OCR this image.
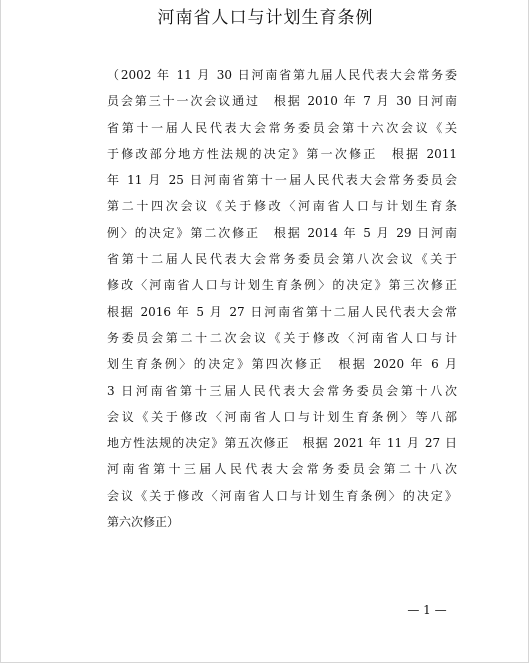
河南省人口与计划生育条例
（2002 年 11 月 30 日河南省第九届人民代表大会常务委
员会第三十一次会议通过　根据 2010 年 7 月 30 日河南
省第十一届人民代表大会常务委员会第十六次会议《关
于修改部分地方性法规的决定》第一次修正　根据 2011
年 11 月 25 日河南省第十一届人民代表大会常务委员会
第二十四次会议《关于修改〈河南省人口与计划生育条
例〉的决定》第二次修正　根据 2014 年 5 月 29 日河南
省第十二届人民代表大会常务委员会第八次会议《关于
修改〈河南省人口与计划生育条例〉的决定》第三次修正
根据 2016 年 5 月 27 日河南省第十二届人民代表大会常
务委员会第二十二次会议《关于修改〈河南省人口与计
划生育条例〉的决定》第四次修正　根据 2020 年 6 月
3 日河南省第十三届人民代表大会常务委员会第十八次
会议《关于修改〈河南省人口与计划生育条例〉等八部
地方性法规的决定》第五次修正　根据 2021 年 11 月 27 日
河南省第十三届人民代表大会常务委员会第二十八次
会议《关于修改〈河南省人口与计划生育条例〉的决定》
第六次修正）
— 1 —
